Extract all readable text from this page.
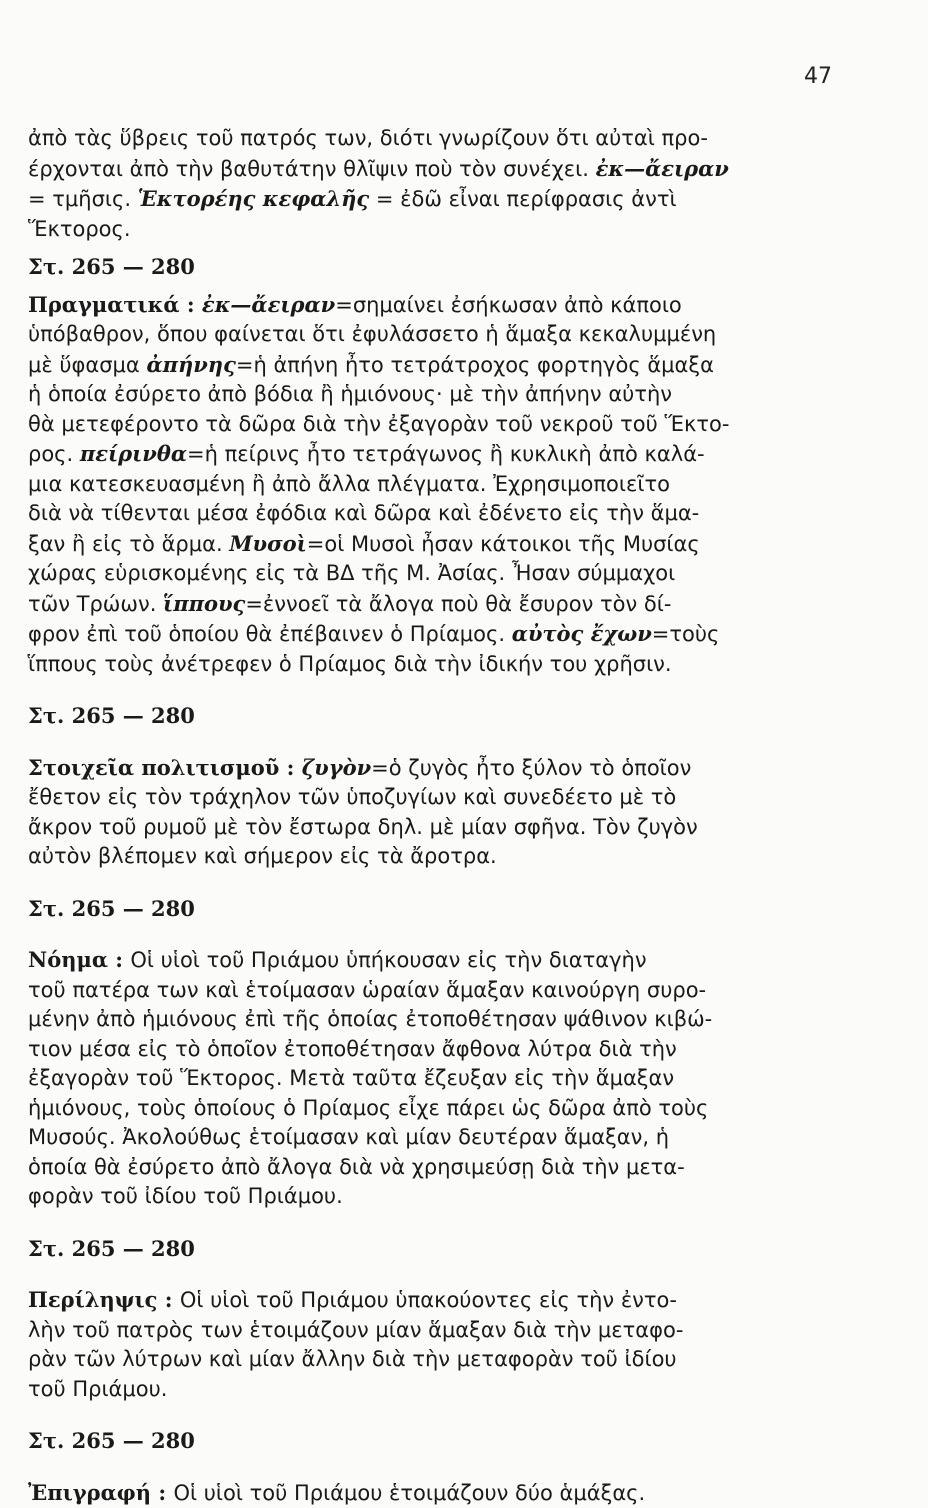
47

ἀπὸ τὰς ὕβρεις τοῦ πατρός των, διότι γνωρίζουν ὅτι αὐταὶ προ-
έρχονται ἀπὸ τὴν βαθυτάτην θλῖψιν ποὺ τὸν συνέχει. ἐκ—ἄειραν
= τμῆσις. Ἑκτορέης κεφαλῆς = ἐδῶ εἶναι περίφρασις ἀντὶ
Ἕκτορος.

Στ. 265 — 280

Πραγματικά : ἐκ—ἄειραν=σημαίνει ἐσήκωσαν ἀπὸ κάποιο
ὑπόβαθρον, ὅπου φαίνεται ὅτι ἐφυλάσσετο ἡ ἅμαξα κεκαλυμμένη
μὲ ὕφασμα ἀπήνης=ἡ ἀπήνη ἦτο τετράτροχος φορτηγὸς ἅμαξα
ἡ ὁποία ἐσύρετο ἀπὸ βόδια ἢ ἡμιόνους· μὲ τὴν ἀπήνην αὐτὴν
θὰ μετεφέροντο τὰ δῶρα διὰ τὴν ἐξαγορὰν τοῦ νεκροῦ τοῦ Ἕκτο-
ρος. πείρινθα=ἡ πείρινς ἦτο τετράγωνος ἢ κυκλικὴ ἀπὸ καλά-
μια κατεσκευασμένη ἢ ἀπὸ ἄλλα πλέγματα. Ἐχρησιμοποιεῖτο
διὰ νὰ τίθενται μέσα ἐφόδια καὶ δῶρα καὶ ἐδένετο εἰς τὴν ἅμα-
ξαν ἢ εἰς τὸ ἅρμα. Μυσοὶ=οἱ Μυσοὶ ἦσαν κάτοικοι τῆς Μυσίας
χώρας εὑρισκομένης εἰς τὰ ΒΔ τῆς Μ. Ἀσίας. Ἦσαν σύμμαχοι
τῶν Τρώων. ἵππους=ἐννοεῖ τὰ ἄλογα ποὺ θὰ ἔσυρον τὸν δί-
φρον ἐπὶ τοῦ ὁποίου θὰ ἐπέβαινεν ὁ Πρίαμος. αὐτὸς ἔχων=τοὺς
ἵππους τοὺς ἀνέτρεφεν ὁ Πρίαμος διὰ τὴν ἰδικήν του χρῆσιν.

Στ. 265 — 280

Στοιχεῖα πολιτισμοῦ : ζυγὸν=ὁ ζυγὸς ἦτο ξύλον τὸ ὁποῖον
ἔθετον εἰς τὸν τράχηλον τῶν ὑποζυγίων καὶ συνεδέετο μὲ τὸ
ἄκρον τοῦ ρυμοῦ μὲ τὸν ἔστωρα δηλ. μὲ μίαν σφῆνα. Τὸν ζυγὸν
αὐτὸν βλέπομεν καὶ σήμερον εἰς τὰ ἄροτρα.

Στ. 265 — 280

Νόημα : Οἱ υἱοὶ τοῦ Πριάμου ὑπήκουσαν εἰς τὴν διαταγὴν
τοῦ πατέρα των καὶ ἑτοίμασαν ὡραίαν ἅμαξαν καινούργη συρο-
μένην ἀπὸ ἡμιόνους ἐπὶ τῆς ὁποίας ἐτοποθέτησαν ψάθινον κιβώ-
τιον μέσα εἰς τὸ ὁποῖον ἐτοποθέτησαν ἄφθονα λύτρα διὰ τὴν
ἐξαγορὰν τοῦ Ἕκτορος. Μετὰ ταῦτα ἔζευξαν εἰς τὴν ἅμαξαν
ἡμιόνους, τοὺς ὁποίους ὁ Πρίαμος εἶχε πάρει ὡς δῶρα ἀπὸ τοὺς
Μυσούς. Ἀκολούθως ἑτοίμασαν καὶ μίαν δευτέραν ἅμαξαν, ἡ
ὁποία θὰ ἐσύρετο ἀπὸ ἄλογα διὰ νὰ χρησιμεύσῃ διὰ τὴν μετα-
φορὰν τοῦ ἰδίου τοῦ Πριάμου.

Στ. 265 — 280

Περίληψις : Οἱ υἱοὶ τοῦ Πριάμου ὑπακούοντες εἰς τὴν ἐντο-
λὴν τοῦ πατρὸς των ἑτοιμάζουν μίαν ἅμαξαν διὰ τὴν μεταφο-
ρὰν τῶν λύτρων καὶ μίαν ἄλλην διὰ τὴν μεταφορὰν τοῦ ἰδίου
τοῦ Πριάμου.

Στ. 265 — 280

Ἐπιγραφή : Οἱ υἱοὶ τοῦ Πριάμου ἑτοιμάζουν δύο ἁμάξας.
